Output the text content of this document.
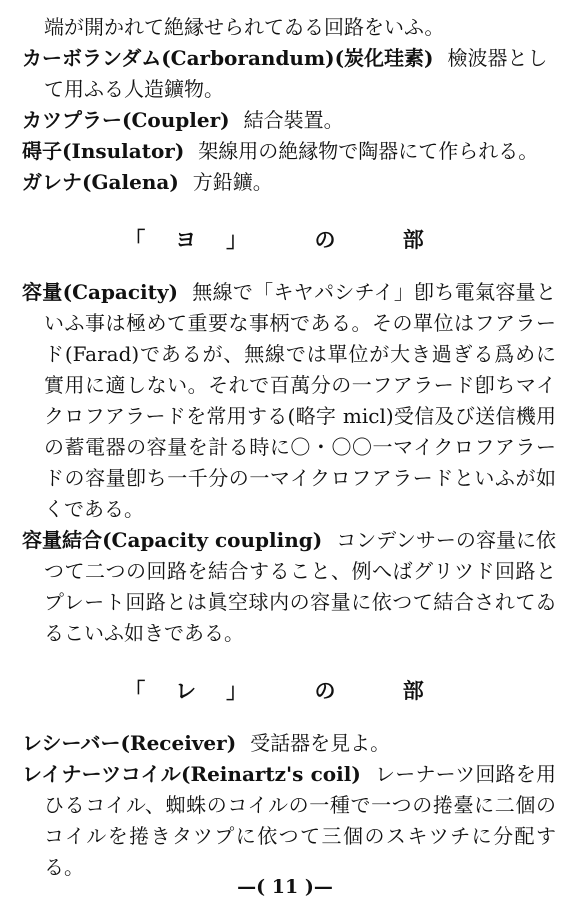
端が開かれて絶縁せられてゐる回路をいふ。

カーボランダム(Carborandum)(炭化珪素) 檢波器として用ふる人造鑛物。

カツプラー(Coupler) 結合裝置。

碍子(Insulator) 架線用の絶縁物で陶器にて作られる。

ガレナ(Galena) 方鉛鑛。

「ヨ」 の 部

容量(Capacity) 無線で「キヤパシチイ」卽ち電氣容量といふ事は極めて重要な事柄である。その單位はフアラード(Farad)であるが、無線では單位が大き過ぎる爲めに實用に適しない。それで百萬分の一フアラード卽ちマイクロフアラードを常用する(略字 micl)受信及び送信機用の蓄電器の容量を計る時に〇・〇〇一マイクロフアラードの容量卽ち一千分の一マイクロフアラードといふが如くである。

容量結合(Capacity coupling) コンデンサーの容量に依つて二つの回路を結合すること、例へばグリツド回路とプレート回路とは眞空球内の容量に依つて結合されてゐるこいふ如きである。

「レ」 の 部

レシーバー(Receiver) 受話器を見よ。

レイナーツコイル(Reinartz's coil) レーナーツ回路を用ひるコイル、蜘蛛のコイルの一種で一つの捲臺に二個のコイルを捲きタツプに依つて三個のスキツチに分配する。

—( 11 )—
